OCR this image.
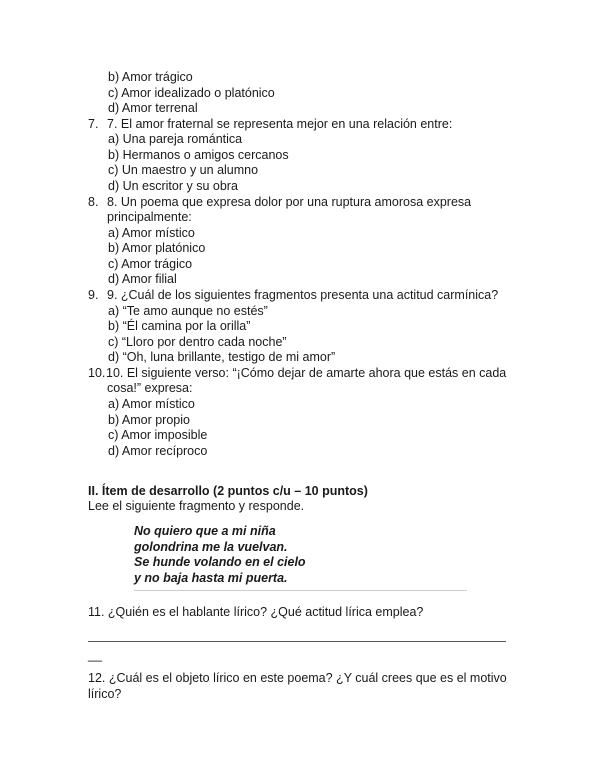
b) Amor trágico
c) Amor idealizado o platónico
d) Amor terrenal
7. 7. El amor fraternal se representa mejor en una relación entre:
a) Una pareja romántica
b) Hermanos o amigos cercanos
c) Un maestro y un alumno
d) Un escritor y su obra
8. 8. Un poema que expresa dolor por una ruptura amorosa expresa
principalmente:
a) Amor místico
b) Amor platónico
c) Amor trágico
d) Amor filial
9. 9. ¿Cuál de los siguientes fragmentos presenta una actitud carmínica?
a) “Te amo aunque no estés”
b) “Él camina por la orilla”
c) “Lloro por dentro cada noche”
d) “Oh, luna brillante, testigo de mi amor”
10. 10. El siguiente verso: “¡Cómo dejar de amarte ahora que estás en cada
cosa!” expresa:
a) Amor místico
b) Amor propio
c) Amor imposible
d) Amor recíproco
II. Ítem de desarrollo (2 puntos c/u – 10 puntos)
Lee el siguiente fragmento y responde.
No quiero que a mi niña
golondrina me la vuelvan.
Se hunde volando en el cielo
y no baja hasta mi puerta.
11. ¿Quién es el hablante lírico? ¿Qué actitud lírica emplea?
__
12. ¿Cuál es el objeto lírico en este poema? ¿Y cuál crees que es el motivo
lírico?
